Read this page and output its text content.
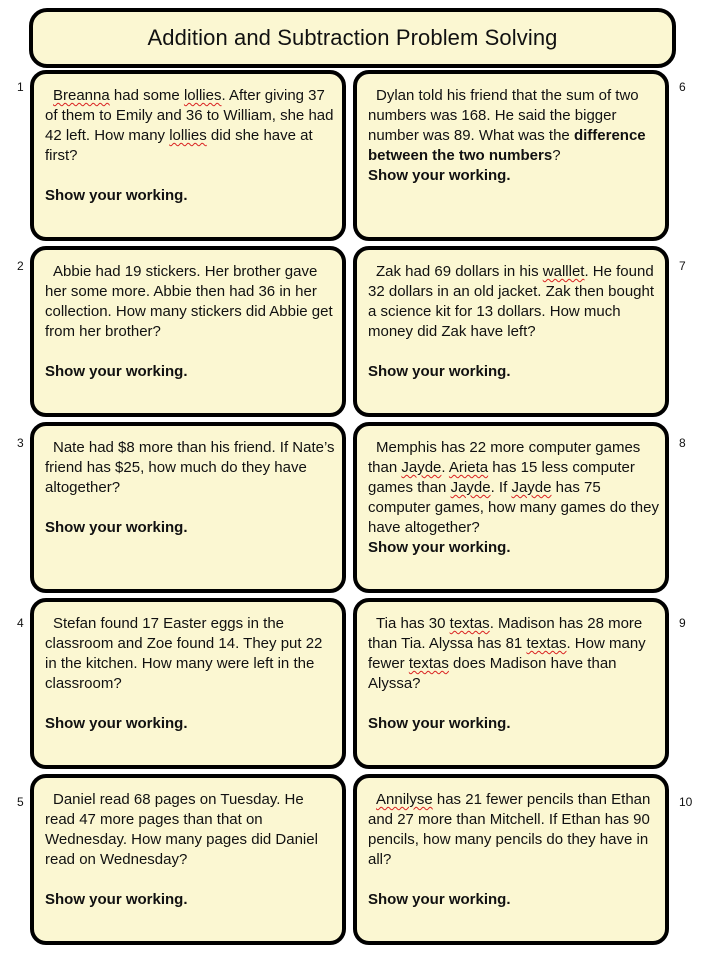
Addition and Subtraction Problem Solving
1	Breanna had some lollies. After giving 37 of them to Emily and 36 to William, she had 42 left. How many lollies did she have at first?
Show your working.
2	Abbie had 19 stickers. Her brother gave her some more. Abbie then had 36 in her collection. How many stickers did Abbie get from her brother?
Show your working.
3	Nate had $8 more than his friend. If Nate’s friend has $25, how much do they have altogether?
Show your working.
4	Stefan found 17 Easter eggs in the classroom and Zoe found 14. They put 22 in the kitchen. How many were left in the classroom?
Show your working.
5	Daniel read 68 pages on Tuesday. He read 47 more pages than that on Wednesday. How many pages did Daniel read on Wednesday?
Show your working.
6
Dylan told his friend that the sum of two numbers was 168. He said the bigger number was 89. What was the difference between the two numbers?
Show your working.
7
Zak had 69 dollars in his walllet. He found 32 dollars in an old jacket. Zak then bought a science kit for 13 dollars. How much money did Zak have left?
Show your working.
8
Memphis has 22 more computer games than Jayde. Arieta has 15 less computer games than Jayde. If Jayde has 75 computer games, how many games do they have altogether?
Show your working.
9
Tia has 30 textas. Madison has 28 more than Tia. Alyssa has 81 textas. How many fewer textas does Madison have than Alyssa?
Show your working.
10
Annilyse has 21 fewer pencils than Ethan and 27 more than Mitchell. If Ethan has 90 pencils, how many pencils do they have in all?
Show your working.
